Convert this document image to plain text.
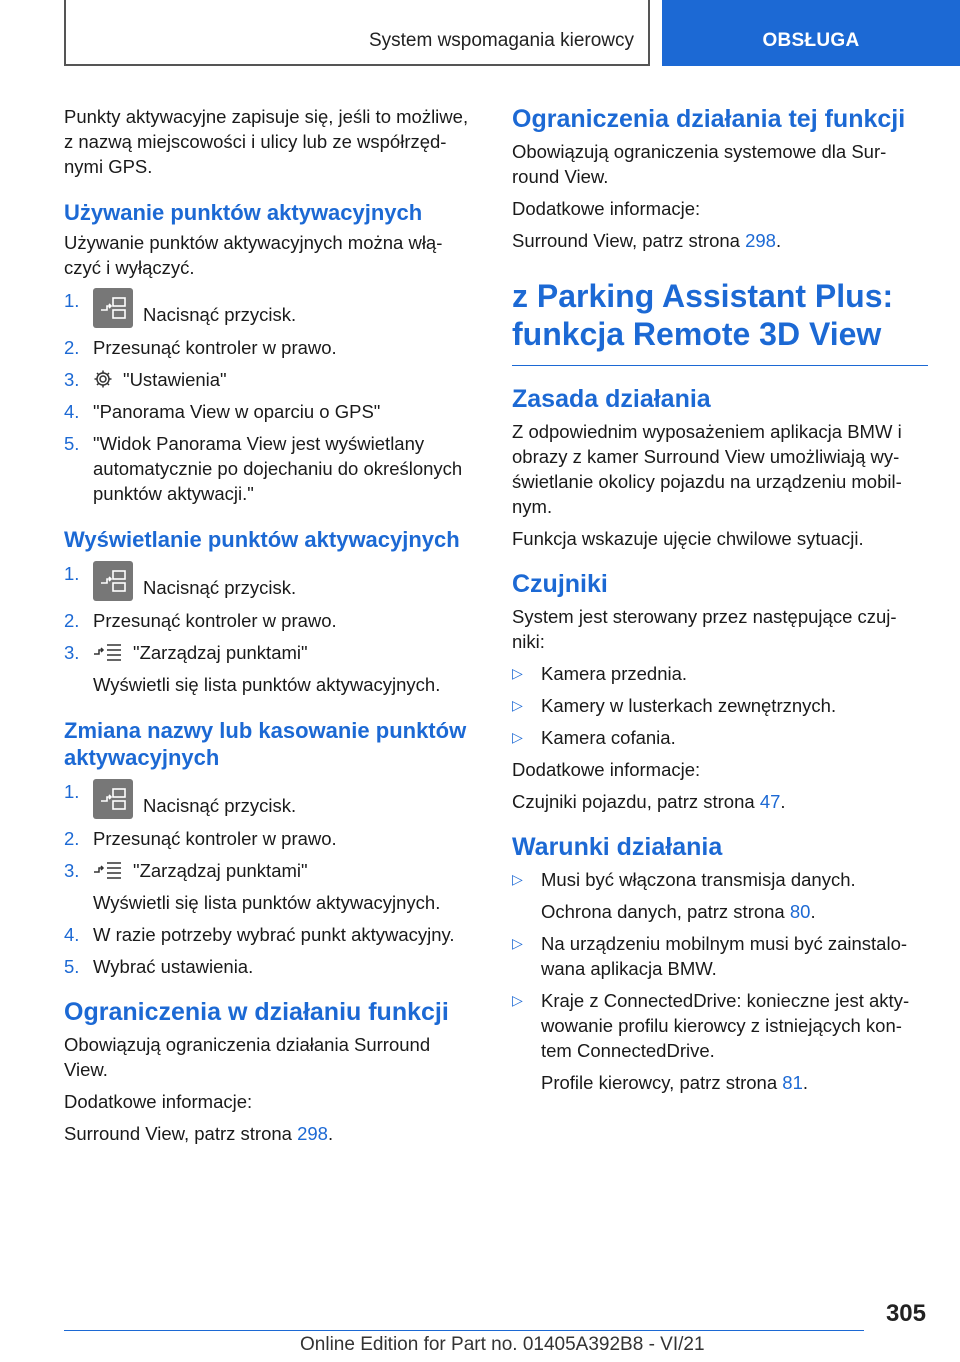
System wspomagania kierowcy	OBSŁUGA

Punkty aktywacyjne zapisuje się, jeśli to możliwe, z nazwą miejscowości i ulicy lub ze współrzęd-nymi GPS.

Używanie punktów aktywacyjnych

Używanie punktów aktywacyjnych można włą-czyć i wyłączyć.

1.
Nacisnąć przycisk.
2. Przesunąć kontroler w prawo.
3. "Ustawienia"
4. "Panorama View w oparciu o GPS"
5. "Widok Panorama View jest wyświetlany automatycznie po dojechaniu do określonych punktów aktywacji."
Wyświetlanie punktów aktywacyjnych
1.
Nacisnąć przycisk.
2. Przesunąć kontroler w prawo.
3.	"Zarządzaj punktami"
Wyświetli się lista punktów aktywacyjnych.
Zmiana nazwy lub kasowanie punktów aktywacyjnych
1.
Nacisnąć przycisk.
2. Przesunąć kontroler w prawo.
3.	"Zarządzaj punktami"
Wyświetli się lista punktów aktywacyjnych.
4. W razie potrzeby wybrać punkt aktywacyjny.
5. Wybrać ustawienia.
Ograniczenia w działaniu funkcji

Obowiązują ograniczenia działania Surround View.

Dodatkowe informacje:

Surround View, patrz strona 298.

Ograniczenia działania tej funkcji

Obowiązują ograniczenia systemowe dla Sur-round View.

Dodatkowe informacje:

Surround View, patrz strona 298.

z Parking Assistant Plus:
funkcja Remote 3D View
Zasada działania

Z odpowiednim wyposażeniem aplikacja BMW i obrazy z kamer Surround View umożliwiają wy-świetlanie okolicy pojazdu na urządzeniu mobil-nym.

Funkcja wskazuje ujęcie chwilowe sytuacji.

Czujniki

System jest sterowany przez następujące czuj-niki:

▷ Kamera przednia.
▷ Kamery w lusterkach zewnętrznych.
▷ Kamera cofania.

Dodatkowe informacje:

Czujniki pojazdu, patrz strona 47.

Warunki działania
▷ Musi być włączona transmisja danych.
Ochrona danych, patrz strona 80.
▷ Na urządzeniu mobilnym musi być zainstalo-wana aplikacja BMW.
▷ Kraje z ConnectedDrive: konieczne jest akty-wowanie profilu kierowcy z istniejących kon-tem ConnectedDrive.
Profile kierowcy, patrz strona 81.
305
Online Edition for Part no. 01405A392B8 - VI/21
